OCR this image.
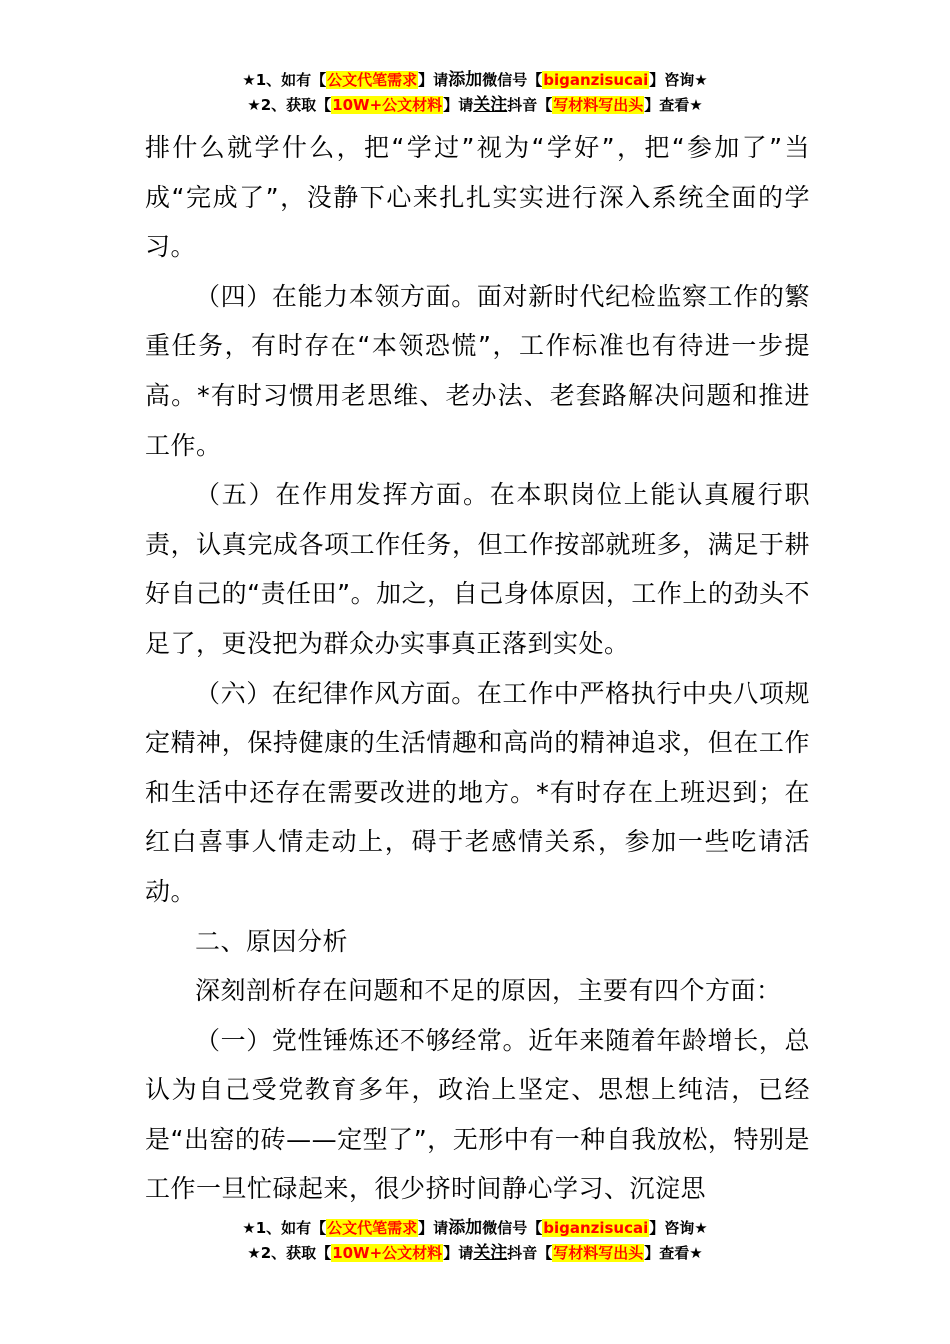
★1、如有【公文代笔需求】请添加微信号【biganzisucai】咨询★
★2、获取【10W+公文材料】请关注抖音【写材料写出头】查看★

排什么就学什么，把“学过”视为“学好”，把“参加了”当成“完成了”，没静下心来扎扎实实进行深入系统全面的学习。

（四）在能力本领方面。面对新时代纪检监察工作的繁重任务，有时存在“本领恐慌”，工作标准也有待进一步提高。*有时习惯用老思维、老办法、老套路解决问题和推进工作。

（五）在作用发挥方面。在本职岗位上能认真履行职责，认真完成各项工作任务，但工作按部就班多，满足于耕好自己的“责任田”。加之，自己身体原因，工作上的劲头不足了，更没把为群众办实事真正落到实处。

（六）在纪律作风方面。在工作中严格执行中央八项规定精神，保持健康的生活情趣和高尚的精神追求，但在工作和生活中还存在需要改进的地方。*有时存在上班迟到；在红白喜事人情走动上，碍于老感情关系，参加一些吃请活动。

二、原因分析

深刻剖析存在问题和不足的原因，主要有四个方面：

（一）党性锤炼还不够经常。近年来随着年龄增长，总认为自己受党教育多年，政治上坚定、思想上纯洁，已经是“出窑的砖——定型了”，无形中有一种自我放松，特别是工作一旦忙碌起来，很少挤时间静心学习、沉淀思

★1、如有【公文代笔需求】请添加微信号【biganzisucai】咨询★
★2、获取【10W+公文材料】请关注抖音【写材料写出头】查看★
